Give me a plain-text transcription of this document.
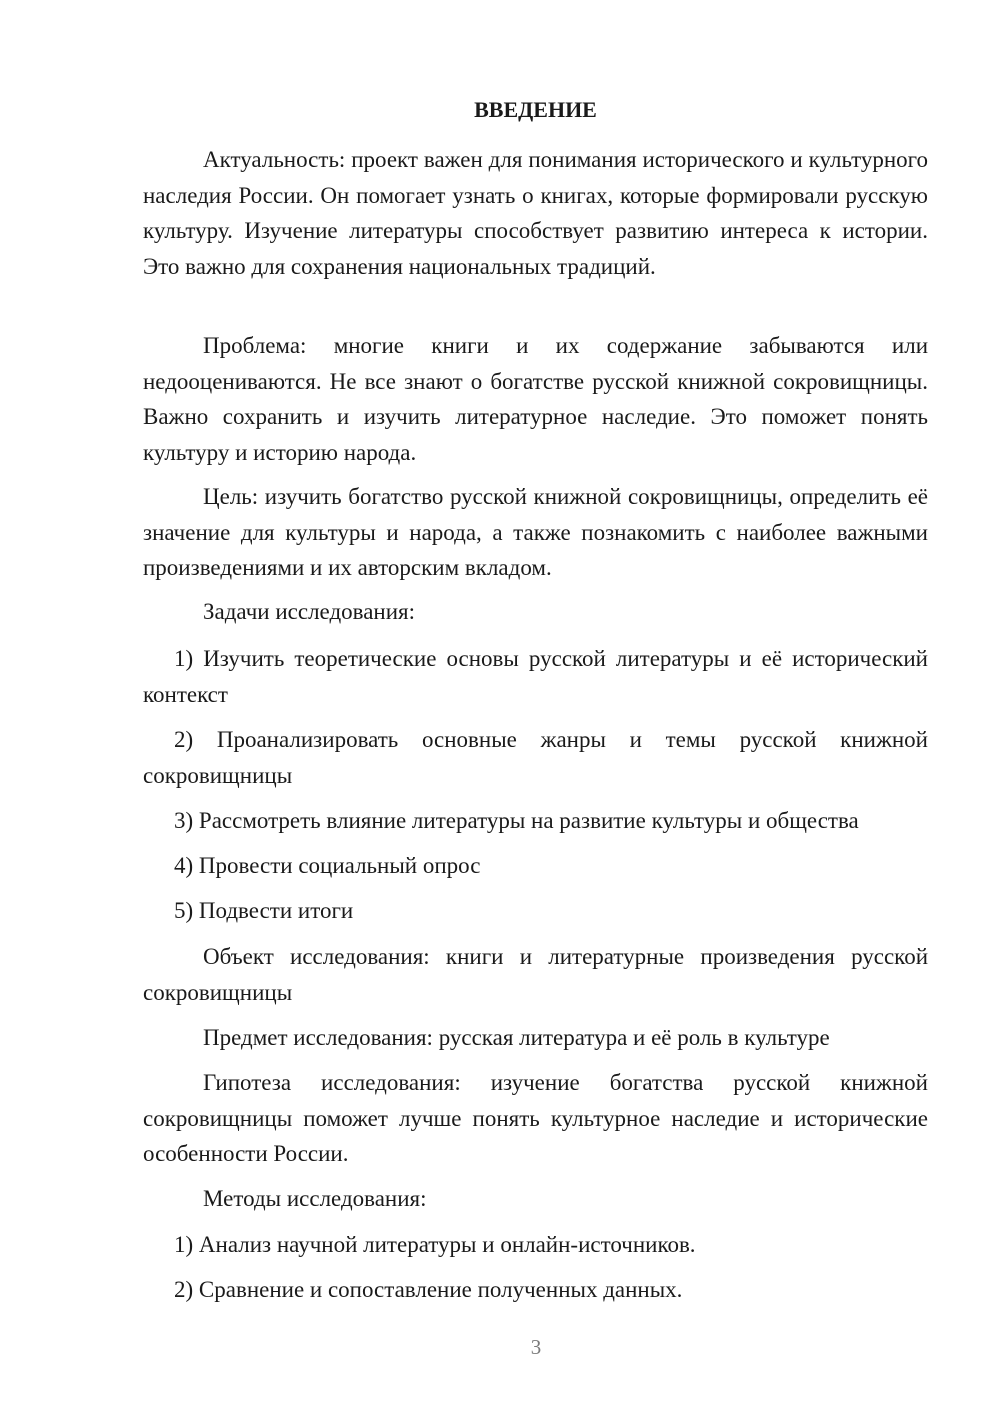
ВВЕДЕНИЕ

Актуальность: проект важен для понимания исторического и культурного наследия России. Он помогает узнать о книгах, которые формировали русскую культуру. Изучение литературы способствует развитию интереса к истории. Это важно для сохранения национальных традиций.

Проблема: многие книги и их содержание забываются или недооцениваются. Не все знают о богатстве русской книжной сокровищницы. Важно сохранить и изучить литературное наследие. Это поможет понять культуру и историю народа.

Цель: изучить богатство русской книжной сокровищницы, определить её значение для культуры и народа, а также познакомить с наиболее важными произведениями и их авторским вкладом.

Задачи исследования:

1) Изучить теоретические основы русской литературы и её исторический контекст

2) Проанализировать основные жанры и темы русской книжной сокровищницы

3) Рассмотреть влияние литературы на развитие культуры и общества

4) Провести социальный опрос

5) Подвести итоги

Объект исследования: книги и литературные произведения русской сокровищницы

Предмет исследования: русская литература и её роль в культуре

Гипотеза исследования: изучение богатства русской книжной сокровищницы поможет лучше понять культурное наследие и исторические особенности России.

Методы исследования:

1) Анализ научной литературы и онлайн-источников.

2) Сравнение и сопоставление полученных данных.

3
